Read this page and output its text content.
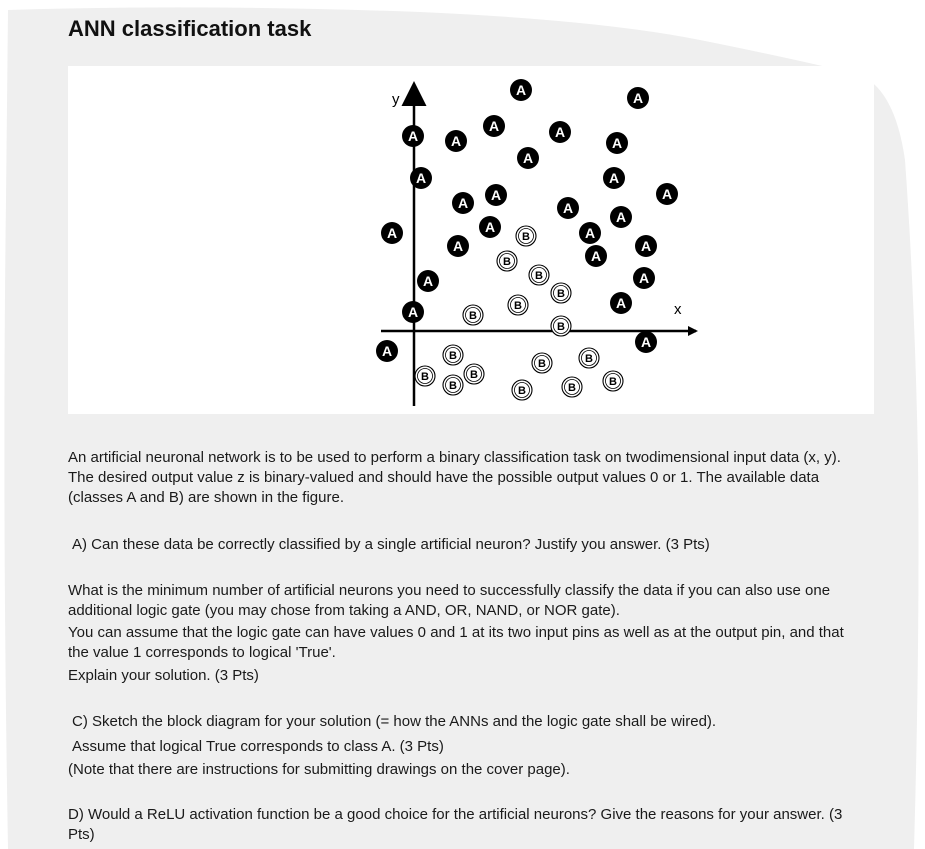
ANN classification task
y
x
A	A
A A
A	A
A
A
A	A
A A	A
A
A
A	A
A
A
A
A
A
A
A
A
A
A
B
B
B
B
B
B
B
B
B	B
B
B
B
B	B	B

An artificial neuronal network is to be used to perform a binary classification task on twodimensional input data (x, y). The desired output value z is binary-valued and should have the possible output values 0 or 1. The available data (classes A and B) are shown in the figure.

A) Can these data be correctly classified by a single artificial neuron? Justify you answer. (3 Pts)

What is the minimum number of artificial neurons you need to successfully classify the data if you can also use one additional logic gate (you may chose from taking a AND, OR, NAND, or NOR gate).

You can assume that the logic gate can have values 0 and 1 at its two input pins as well as at the output pin, and that the value 1 corresponds to logical 'True'.

Explain your solution. (3 Pts)

C) Sketch the block diagram for your solution (= how the ANNs and the logic gate shall be wired).

Assume that logical True corresponds to class A. (3 Pts)

(Note that there are instructions for submitting drawings on the cover page).

D) Would a ReLU activation function be a good choice for the artificial neurons? Give the reasons for your answer. (3 Pts)
